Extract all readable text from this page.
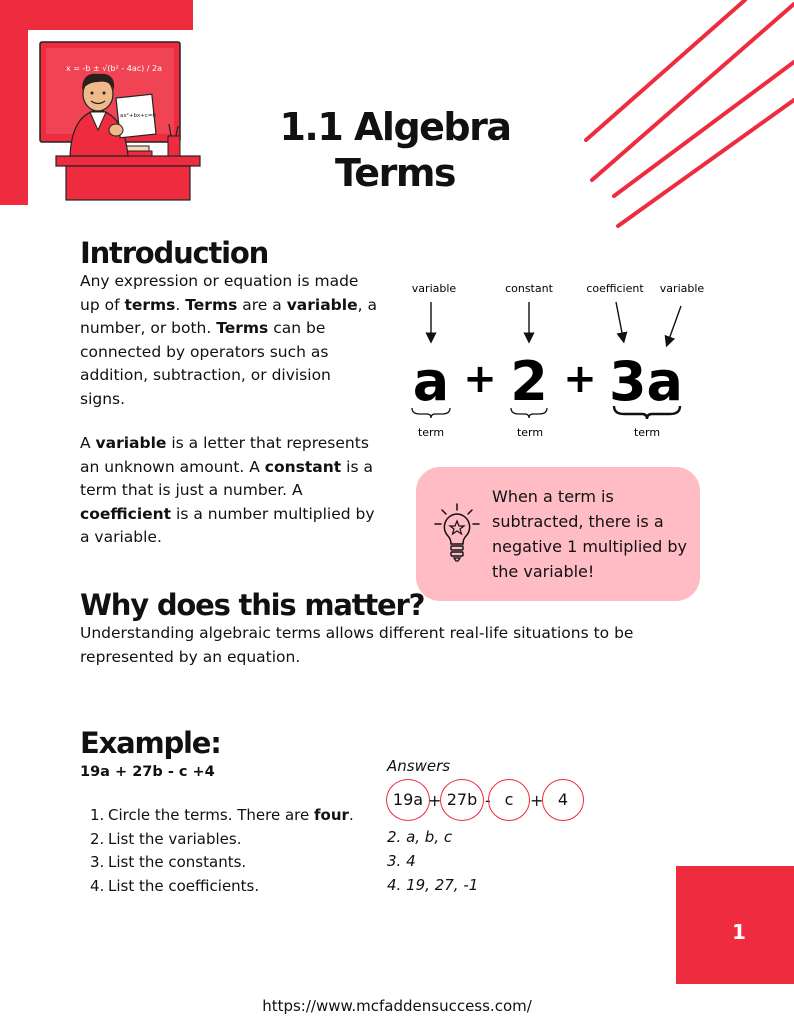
x = -b ± √(b² - 4ac) / 2a
ax²+bx+c=0	1.1 Algebra
Terms
Introduction
Any expression or equation is made up of terms. Terms are a variable, a number, or both. Terms can be connected by operators such as addition, subtraction, or division signs.
A variable is a letter that represents an unknown amount. A constant is a term that is just a number. A coefficient is a number multiplied by a variable.
variable	constant	coefficient variable
a + 2 + 3a
term	term	term
When a term is subtracted, there is a negative 1 multiplied by the variable!
Why does this matter?
Understanding algebraic terms allows different real-life situations to be represented by an equation.
Example:
19a + 27b - c +4
1. Circle the terms. There are four.
2. List the variables.
3. List the constants.
4. List the coefficients.
Answers
19a + 27b - c	+ 4
2. a, b, c
3. 4
4. 19, 27, -1
1
https://www.mcfaddensuccess.com/
